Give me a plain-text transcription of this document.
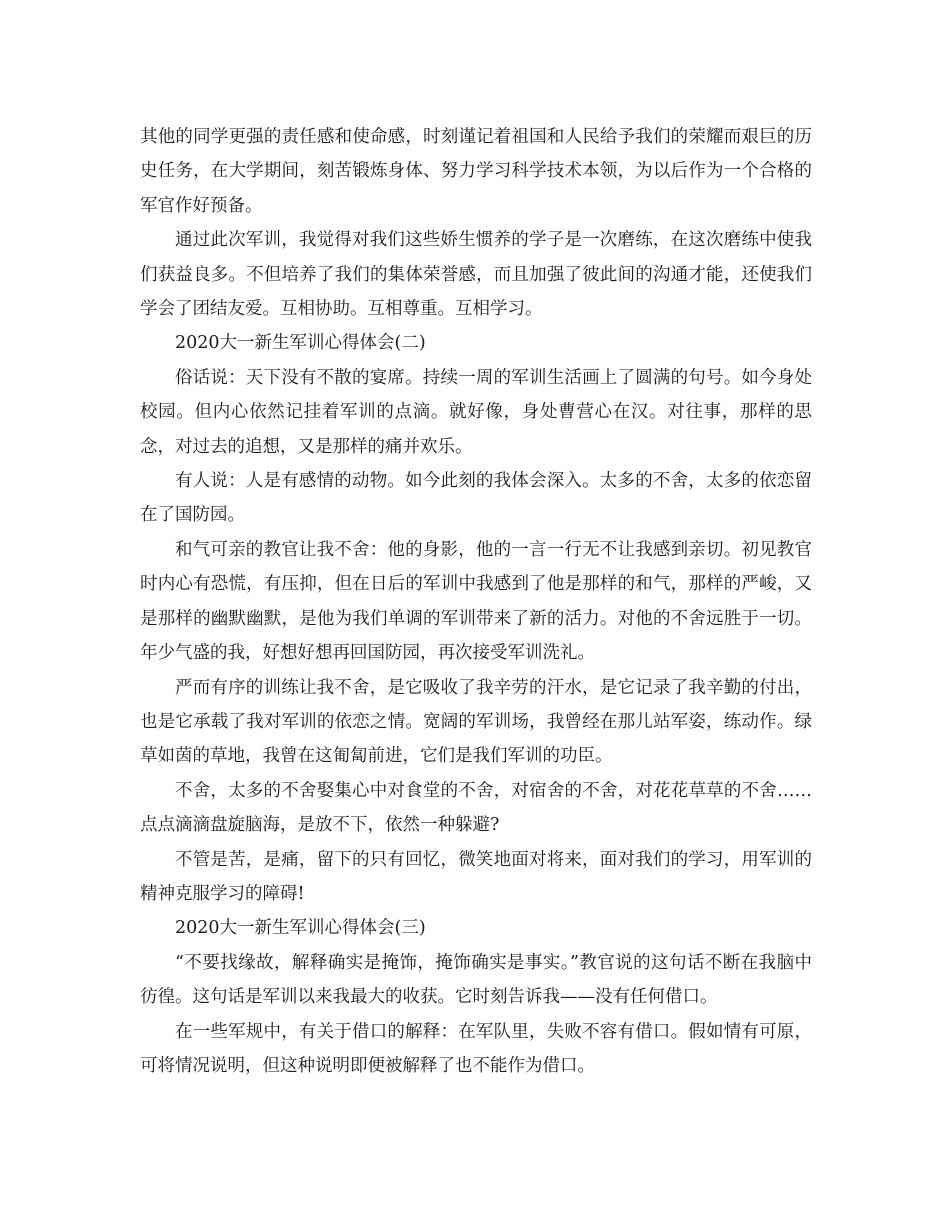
其他的同学更强的责任感和使命感，时刻谨记着祖国和人民给予我们的荣耀而艰巨的历史任务，在大学期间，刻苦锻炼身体、努力学习科学技术本领，为以后作为一个合格的军官作好预备。

通过此次军训，我觉得对我们这些娇生惯养的学子是一次磨练，在这次磨练中使我们获益良多。不但培养了我们的集体荣誉感，而且加强了彼此间的沟通才能，还使我们学会了团结友爱。互相协助。互相尊重。互相学习。

2020大一新生军训心得体会(二)

俗话说：天下没有不散的宴席。持续一周的军训生活画上了圆满的句号。如今身处校园。但内心依然记挂着军训的点滴。就好像，身处曹营心在汉。对往事，那样的思念，对过去的追想，又是那样的痛并欢乐。

有人说：人是有感情的动物。如今此刻的我体会深入。太多的不舍，太多的依恋留在了国防园。

和气可亲的教官让我不舍：他的身影，他的一言一行无不让我感到亲切。初见教官时内心有恐慌，有压抑，但在日后的军训中我感到了他是那样的和气，那样的严峻，又是那样的幽默幽默，是他为我们单调的军训带来了新的活力。对他的不舍远胜于一切。年少气盛的我，好想好想再回国防园，再次接受军训洗礼。

严而有序的训练让我不舍，是它吸收了我辛劳的汗水，是它记录了我辛勤的付出，也是它承载了我对军训的依恋之情。宽阔的军训场，我曾经在那儿站军姿，练动作。绿草如茵的草地，我曾在这匍匐前进，它们是我们军训的功臣。

不舍，太多的不舍娶集心中对食堂的不舍，对宿舍的不舍，对花花草草的不舍……点点滴滴盘旋脑海，是放不下，依然一种躲避?

不管是苦，是痛，留下的只有回忆，微笑地面对将来，面对我们的学习，用军训的精神克服学习的障碍!

2020大一新生军训心得体会(三)

“不要找缘故，解释确实是掩饰，掩饰确实是事实。”教官说的这句话不断在我脑中彷徨。这句话是军训以来我最大的收获。它时刻告诉我——没有任何借口。

在一些军规中，有关于借口的解释：在军队里，失败不容有借口。假如情有可原，可将情况说明，但这种说明即便被解释了也不能作为借口。
